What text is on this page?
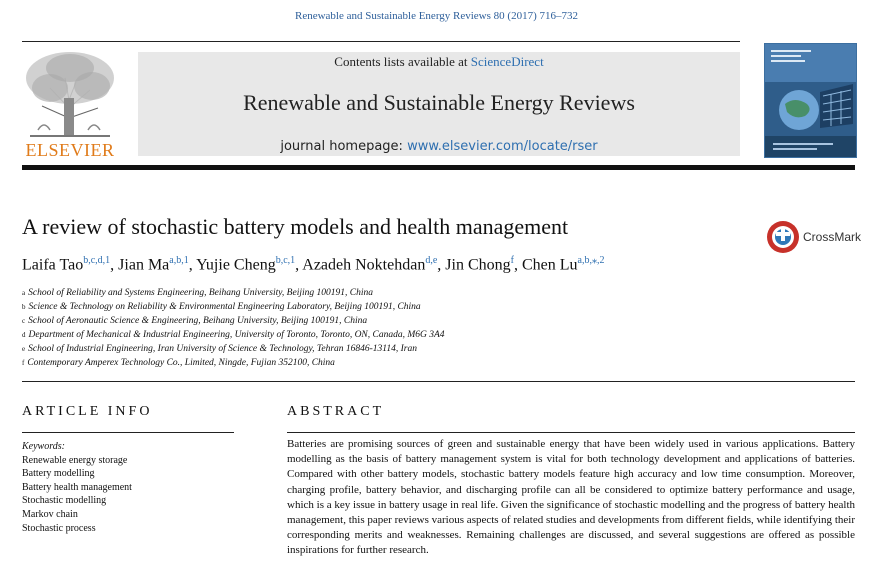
Renewable and Sustainable Energy Reviews 80 (2017) 716–732
ELSEVIER
Contents lists available at ScienceDirect
Renewable and Sustainable Energy Reviews
journal homepage: www.elsevier.com/locate/rser
A review of stochastic battery models and health management	CrossMark
Laifa Tao$^{b,c,d,1}$, Jian Ma$^{a,b,1}$, Yujie Cheng$^{b,c,1}$, Azadeh Noktehdan$^{d,e}$, Jin Chong$^f$, Chen $Lu^{a,b,⁎,2}$
$^a$ School of Reliability and Systems Engineering, Beihang University, Beijing 100191, China
$^b$ Science & Technology on Reliability & Environmental Engineering Laboratory, Beijing 100191, China
$^c$ School of Aeronautic Science & Engineering, Beihang University, Beijing 100191, China
$^d$ Department of Mechanical & Industrial Engineering, University of Toronto, Toronto, ON, Canada, M6G 3A4
$^e$ School of Industrial Engineering, Iran University of Science & Technology, Tehran 16846-13114, Iran
$^f$ Contemporary Amperex Technology Co., Limited, Ningde, Fujian 352100, China
ARTICLE INFO	ABSTRACT
Keywords:
Renewable energy storage
Battery modelling
Battery health management
Stochastic modelling
Markov chain
Stochastic process
Batteries are promising sources of green and sustainable energy that have been widely used in various applications. Battery modelling as the basis of battery management system is vital for both technology development and applications of batteries. Compared with other battery models, stochastic battery models feature high accuracy and low time consumption. Moreover, charging profile, battery behavior, and discharging profile can all be considered to optimize battery performance and usage, which is a key issue in battery usage in real life. Given the significance of stochastic modelling and the progress of battery health management, this paper reviews various aspects of related studies and developments from different fields, while identifying their corresponding merits and weaknesses. Remaining challenges are discussed, and several suggestions are offered as possible inspirations for further research.
